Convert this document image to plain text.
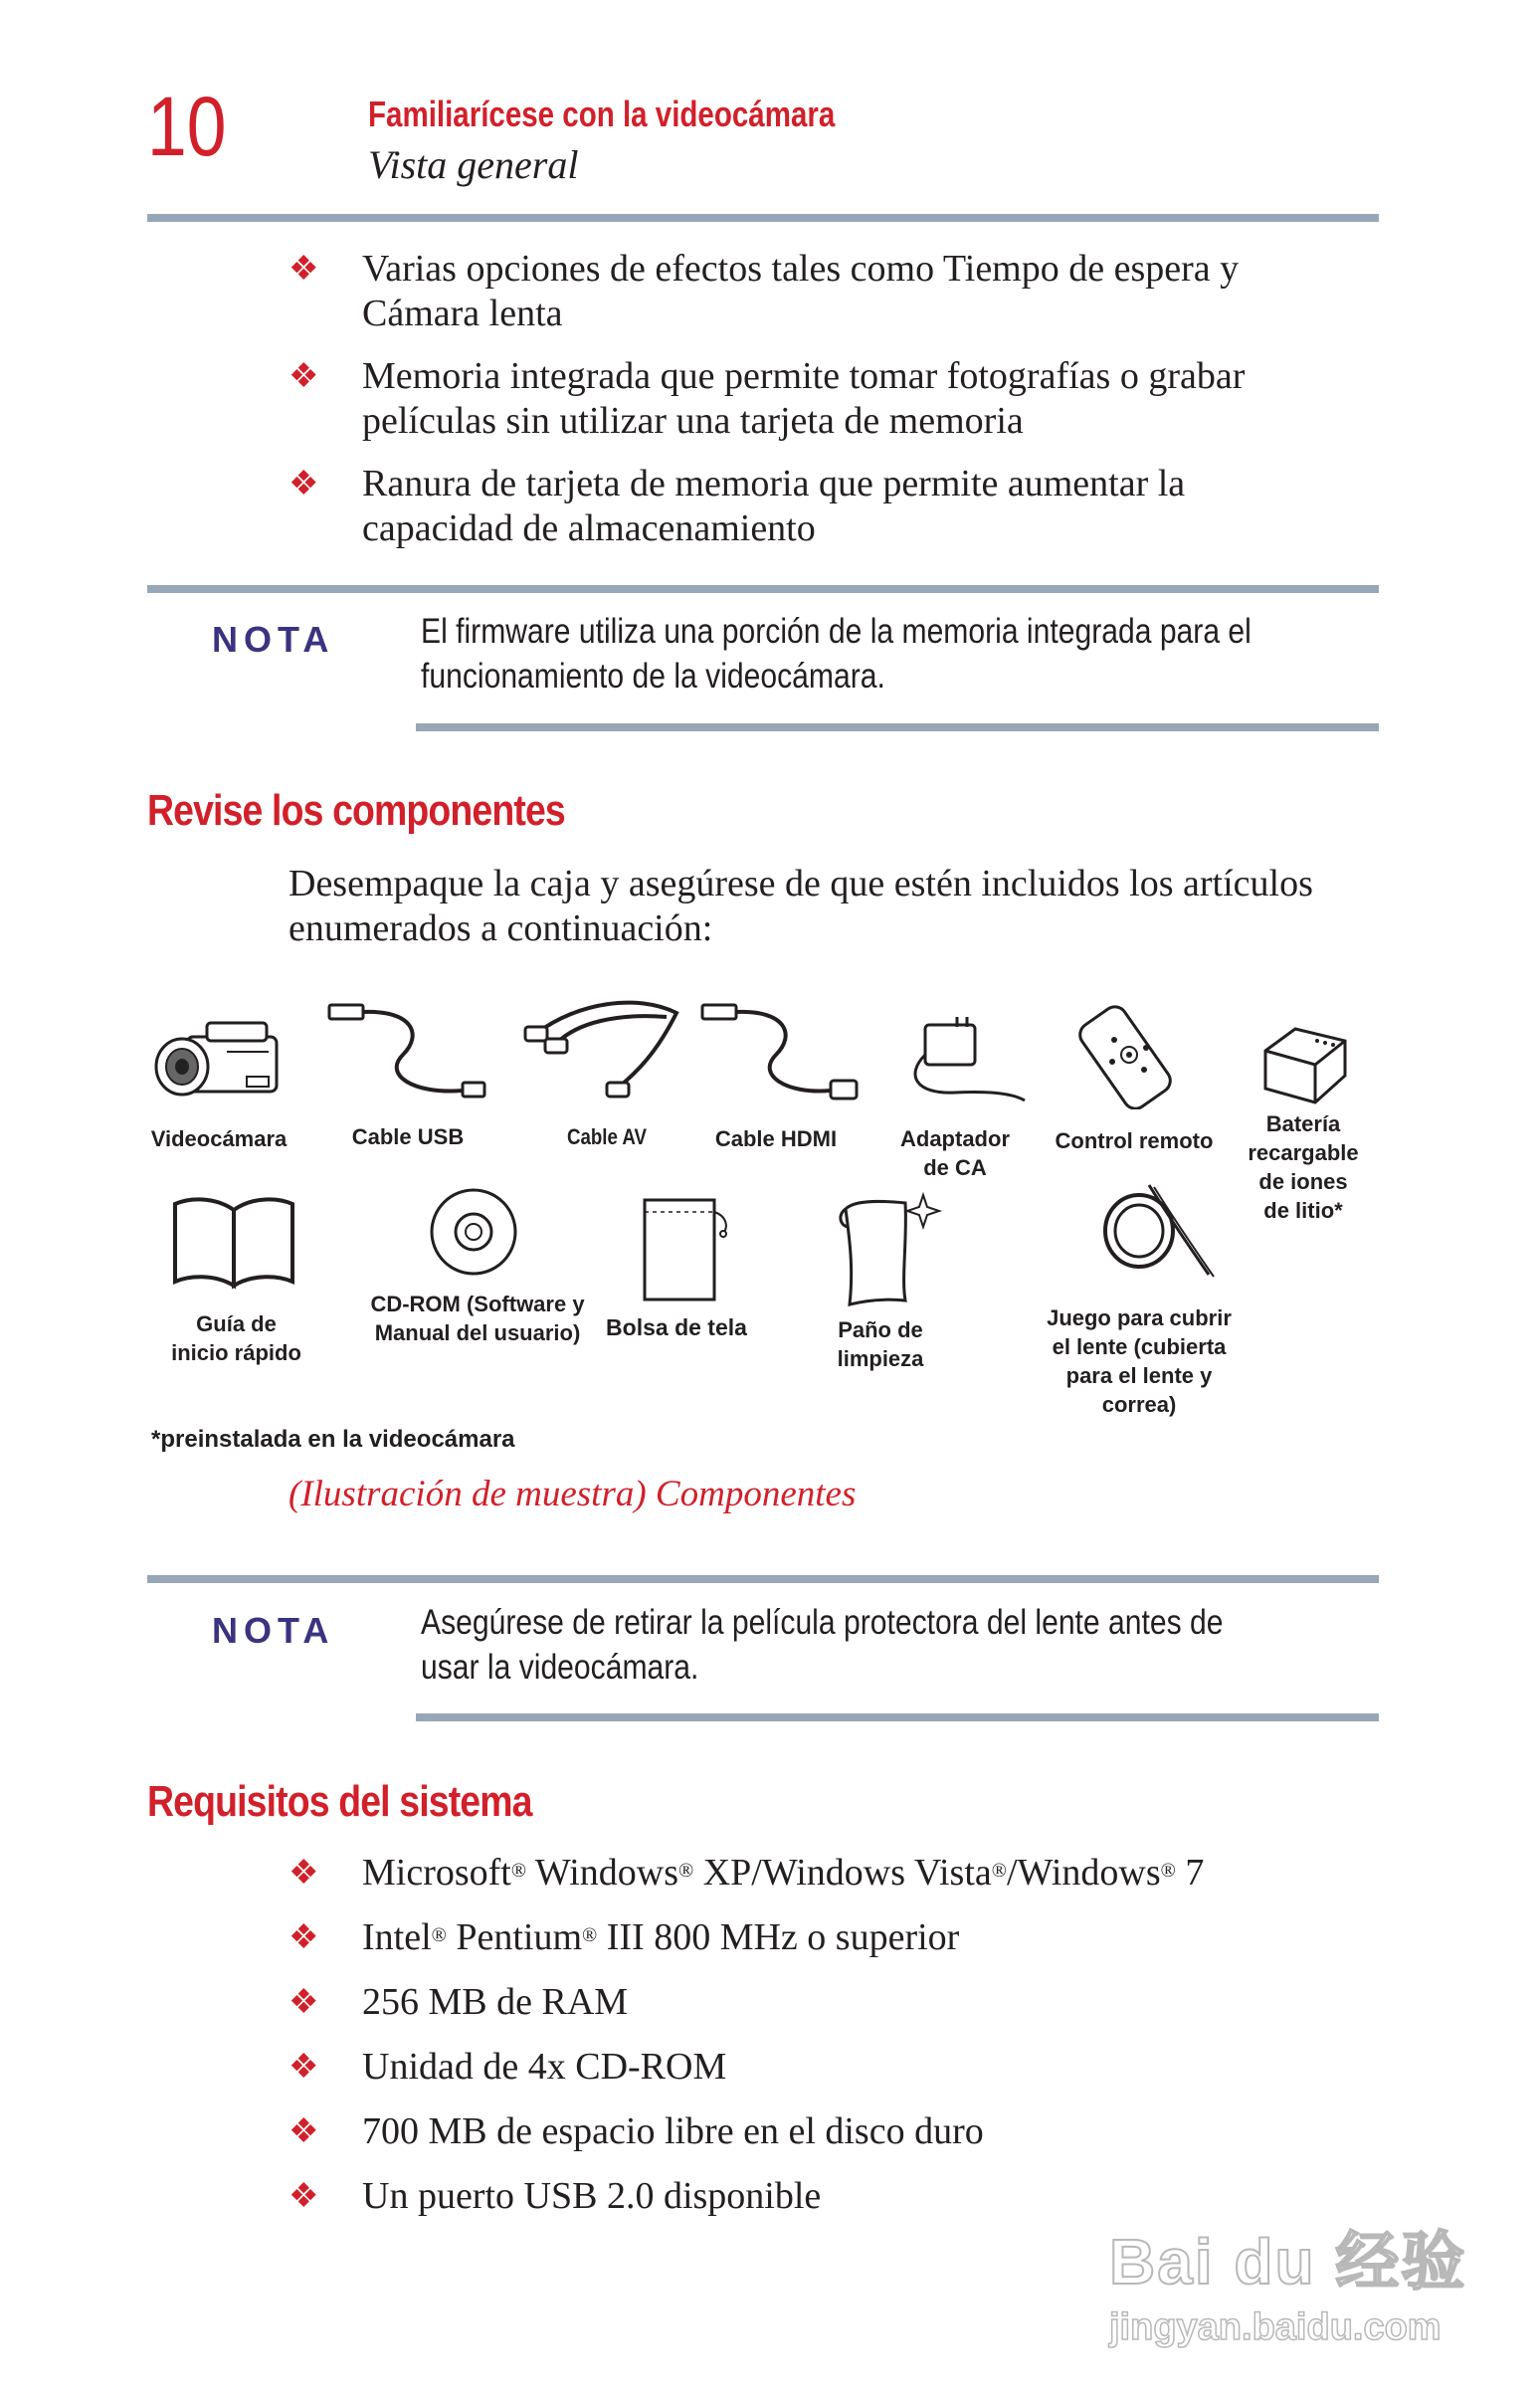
10	Familiarícese con la videocámara
Vista general
❖ Varias opciones de efectos tales como Tiempo de espera y Cámara lenta
❖ Memoria integrada que permite tomar fotografías o grabar películas sin utilizar una tarjeta de memoria
❖ Ranura de tarjeta de memoria que permite aumentar la capacidad de almacenamiento
NOTA El firmware utiliza una porción de la memoria integrada para el funcionamiento de la videocámara.
Revise los componentes
Desempaque la caja y asegúrese de que estén incluidos los artículos enumerados a continuación:
Videocámara	Cable USB	Cable AV	Cable HDMI	Adaptador de CA
Control remoto
Batería recargable de iones de litio*
Guía de inicio rápido
CD-ROM (Software y Manual del usuario)	Bolsa de tela	Paño de limpieza
Juego para cubrir el lente (cubierta para el lente y correa)
*preinstalada en la videocámara
(Ilustración de muestra) Componentes
NOTA Asegúrese de retirar la película protectora del lente antes de usar la videocámara.
Requisitos del sistema
❖ Microsoft® Windows® XP/Windows Vista®/Windows® 7
❖ Intel® Pentium® III 800 MHz o superior
❖ 256 MB de RAM
❖ Unidad de 4x CD-ROM
❖ 700 MB de espacio libre en el disco duro
❖ Un puerto USB 2.0 disponible
Bai du 经验
jingyan.baidu.com
